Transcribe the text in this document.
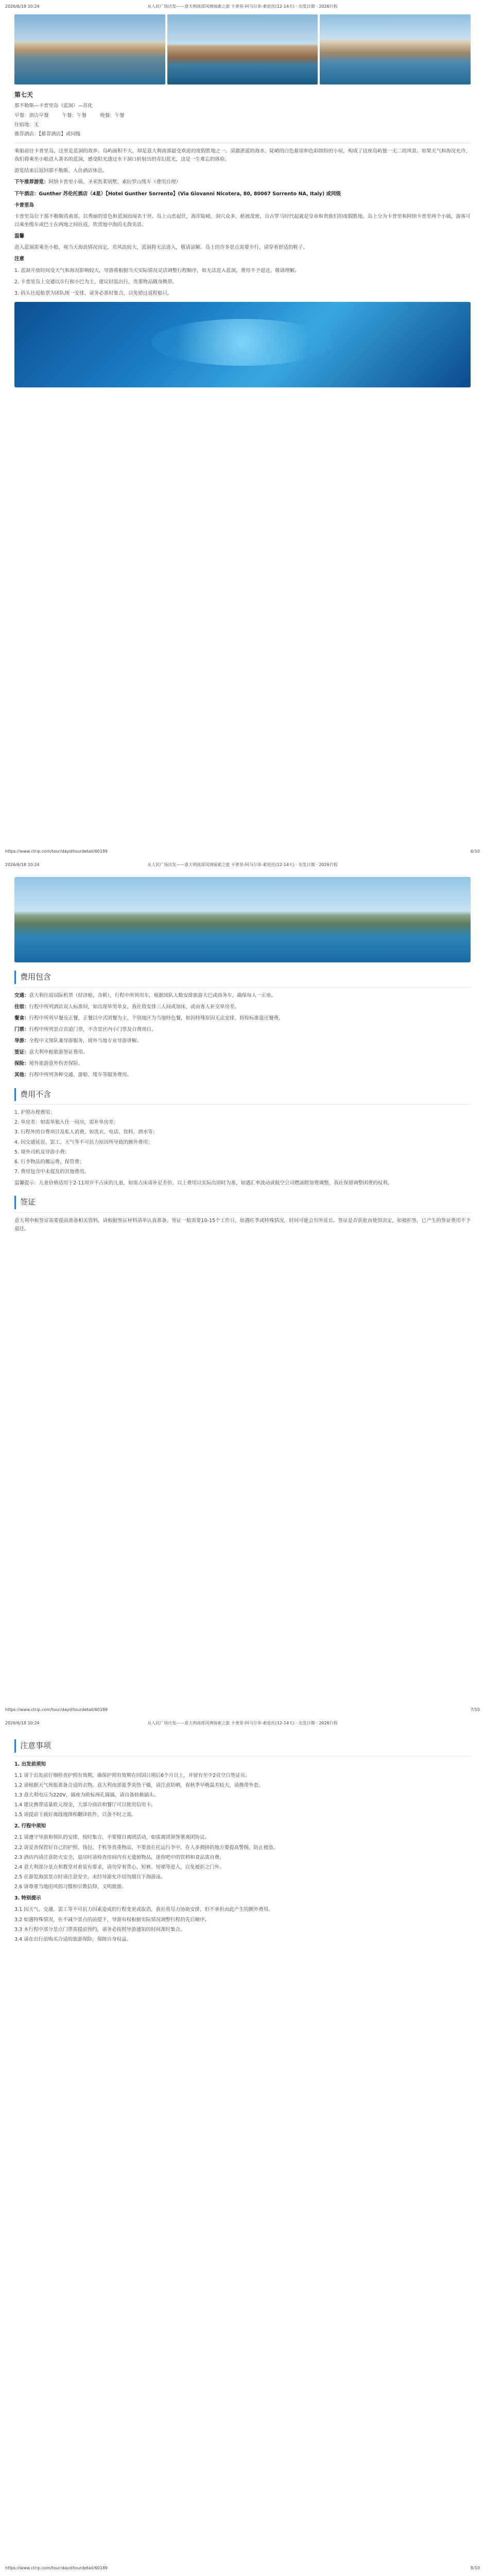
2026/6/18 10:24	从人民广场出发——意大利南部风情探索之旅 卡普里-阿马尔菲-索伦托(12-14天) · 出发日期 · 2026行程
第七天
那不勒斯—卡普里岛（蓝洞）—苏化
早餐：酒店早餐	午餐：午餐	晚餐：午餐
住宿地：无
推荐酒店：【推荐酒店】或同级

乘船前往卡普里岛，这里是蓝洞的故乡。岛屿面积不大，却是意大利南部最受欢迎的度假胜地之一。清澈湛蓝的海水、陡峭的白色悬崖和色彩缤纷的小屋，构成了这座岛屿独一无二的风景。如果天气和海况允许，我们将乘坐小船进入著名的蓝洞，感受阳光透过水下洞口折射出的奇幻蓝光，这是一生难忘的体验。

游览结束后返回那不勒斯，入住酒店休息。

下午推荐游览：阿纳卡普里小镇、圣米凯莱别墅、索拉罗山缆车（费用自理）

下午酒店：Gunther 苏伦托酒店（4星）【Hotel Gunther Sorrento】(Via Giovanni Nicotera, 80, 80067 Sorrento NA, Italy) 或同级

卡普里岛

卡普里岛位于那不勒斯湾南部，以秀丽的景色和蓝洞而闻名于世。岛上山峦起伏，海岸陡峭，洞穴众多，植被茂密，自古罗马时代起就是皇帝和贵族们的度假胜地。岛上分为卡普里和阿纳卡普里两个小镇，游客可以乘坐缆车或巴士在两地之间往返，欣赏地中海的无敌美景。

温馨

进入蓝洞需乘坐小船，视当天海浪情况而定，若风浪较大，蓝洞将无法进入，敬请谅解。岛上的许多景点需要步行，请穿着舒适的鞋子。

注意

1. 蓝洞开放时间受天气和海况影响较大，导游将根据当天实际情况灵活调整行程顺序，如无法进入蓝洞，费用不予退还，敬请理解。

2. 卡普里岛上交通以步行和小巴为主，建议轻装出行，贵重物品随身携带。

3. 码头往返船票为团队统一安排，请务必准时集合，以免错过返程船只。

https://www.ctrip.com/tour/dayd/tourdetail/60189	6/10
2026/6/18 10:24	从人民广场出发——意大利南部风情探索之旅 卡普里-阿马尔菲-索伦托(12-14天) · 出发日期 · 2026行程
费用包含

交通：意大利往返国际机票（经济舱，含税），行程中所列用车，根据团队人数安排旅游大巴或商务车，确保每人一正座。

住宿：行程中所列酒店双人标准间，如出现单男单女，我社将安排三人间或加床，或由客人补交单房差。

餐食：行程中所列早餐及正餐，正餐以中式团餐为主，个别地区为当地特色餐，如因特殊原因无法安排，将按标准退还餐费。

门票：行程中所列景点首道门票，不含景区内小门票及自费项目。

导游：全程中文领队兼导游服务，境外当地专业导游讲解。

签证：意大利申根旅游签证费用。

保险：境外旅游意外伤害保险。

其他：行程中所列各种交通、游船、缆车等服务费用。

费用不含
1. 护照办理费用；
2. 单房差：如需单独入住一间房，需补单房差；
3. 行程外的自费项目及私人消费，如洗衣、电话、饮料、酒水等；
4. 因交通延误、罢工、天气等不可抗力原因所导致的额外费用；
5. 境外司机及导游小费；
6. 行李物品的搬运费、保管费；
7. 费用包含中未提及的其他费用。

温馨提示：儿童价格适用于2-11周岁不占床的儿童，如需占床请补足差价。以上费用以实际出团时为准，如遇汇率波动或航空公司燃油附加费调整，我社保留调整团费的权利。

签证

意大利申根签证需要提前准备相关资料，请根据签证材料清单认真准备。签证一般需要10-15个工作日，如遇旺季或特殊情况，时间可能会有所延长。签证是否获批由使馆决定，如被拒签，已产生的签证费用不予退还。

https://www.ctrip.com/tour/dayd/tourdetail/60189	7/10
2026/6/18 10:24	从人民广场出发——意大利南部风情探索之旅 卡普里-阿马尔菲-索伦托(12-14天) · 出发日期 · 2026行程
注意事项

1. 出发前须知

1.1 请于出发前仔细检查护照有效期，确保护照有效期在回国日期后6个月以上，并留有至少2页空白签证页。
1.2 请根据天气预报准备合适的衣物，意大利南部夏季炎热干燥，请注意防晒，春秋季早晚温差较大，请携带外套。
1.3 意大利电压为220V，插座为欧标两孔圆插，请自备转换插头。
1.4 建议携带适量欧元现金，大部分商店和餐厅可以使用信用卡。
1.5 请提前下载好离线地图和翻译软件，以备不时之需。

2. 行程中须知

2.1 请遵守导游和领队的安排，按时集合，不要擅自离团活动，如需离团须签署离团协议。
2.2 请妥善保管好自己的护照、钱包、手机等贵重物品，不要放在托运行李中，在人多拥挤的地方要提高警惕，防止被盗。
2.3 酒店内请注意防火安全，退房时请检查房间内有无遗留物品，迷你吧中的饮料和食品需自费。
2.4 意大利部分景点和教堂对着装有要求，请勿穿着背心、短裤、短裙等进入，以免被拒之门外。
2.5 在游览海滨景点时请注意安全，未经导游允许切勿擅自下海游泳。
2.6 请尊重当地的风俗习惯和宗教信仰，文明旅游。

3. 特别提示

3.1 因天气、交通、罢工等不可抗力因素造成的行程变更或取消，我社将尽力协助安排，但不承担由此产生的额外费用。
3.2 如遇特殊情况，在不减少景点的前提下，导游有权根据实际情况调整行程的先后顺序。
3.3 本行程中部分景点门票需提前预约，请务必按照导游通知的时间准时集合。
3.4 请在出行前购买合适的旅游保险，保障自身权益。
https://www.ctrip.com/tour/dayd/tourdetail/60189	8/10
